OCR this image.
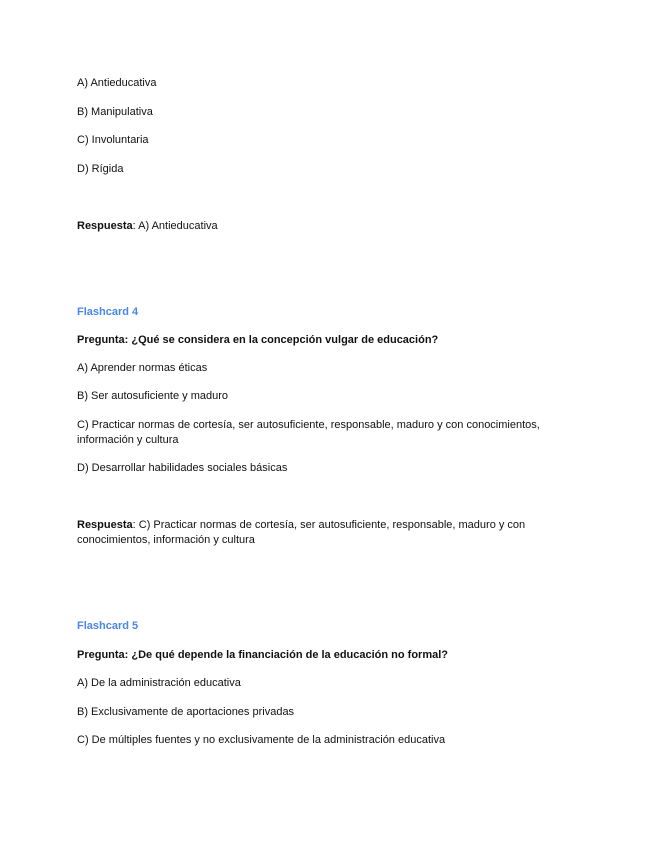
A) Antieducativa
B) Manipulativa
C) Involuntaria
D) Rígida
Respuesta: A) Antieducativa
Flashcard 4
Pregunta: ¿Qué se considera en la concepción vulgar de educación?
A) Aprender normas éticas
B) Ser autosuficiente y maduro
C) Practicar normas de cortesía, ser autosuficiente, responsable, maduro y con conocimientos, información y cultura
D) Desarrollar habilidades sociales básicas
Respuesta: C) Practicar normas de cortesía, ser autosuficiente, responsable, maduro y con conocimientos, información y cultura
Flashcard 5
Pregunta: ¿De qué depende la financiación de la educación no formal?
A) De la administración educativa
B) Exclusivamente de aportaciones privadas
C) De múltiples fuentes y no exclusivamente de la administración educativa
